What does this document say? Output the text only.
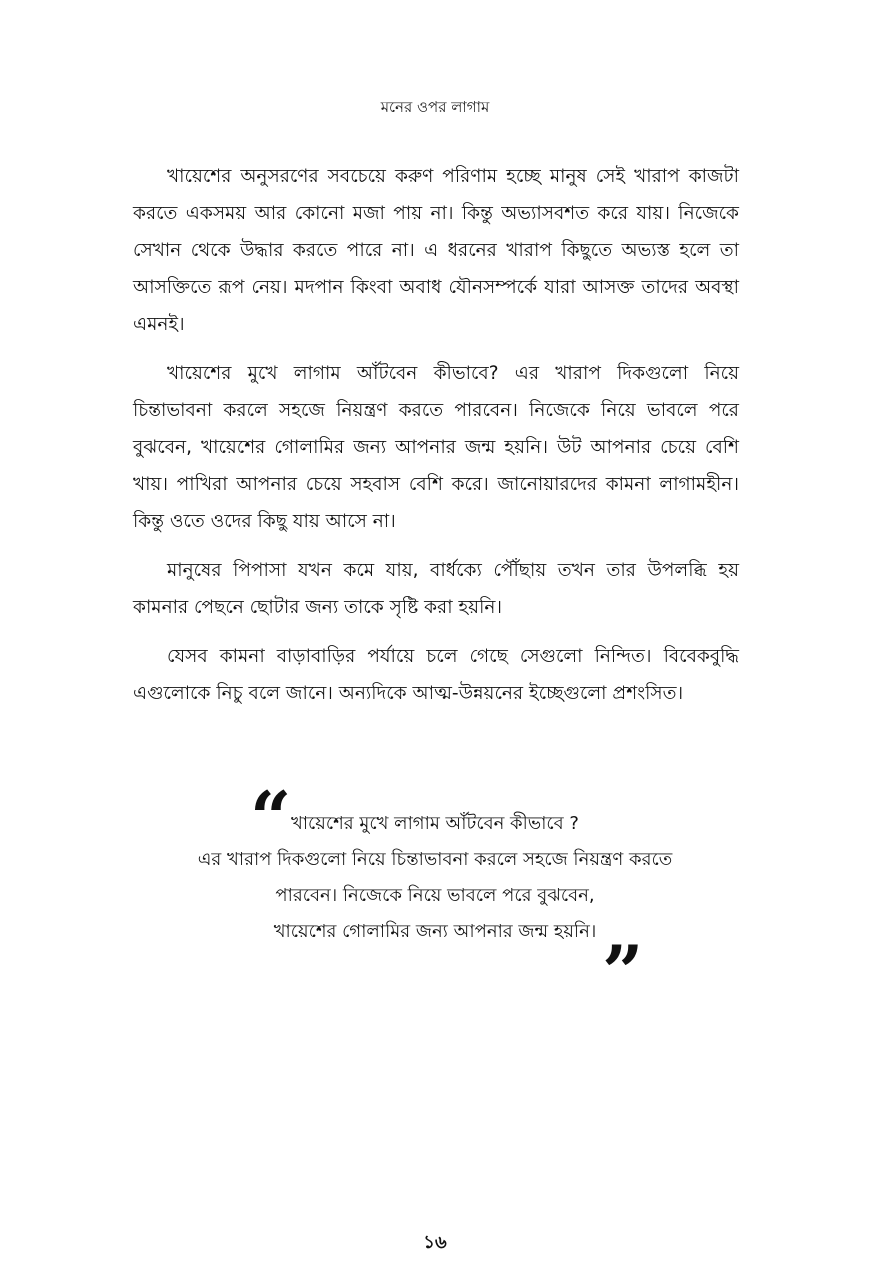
মনের ওপর লাগাম

খায়েশের অনুসরণের সবচেয়ে করুণ পরিণাম হচ্ছে মানুষ সেই খারাপ কাজটা করতে একসময় আর কোনো মজা পায় না। কিন্তু অভ্যাসবশত করে যায়। নিজেকে সেখান থেকে উদ্ধার করতে পারে না। এ ধরনের খারাপ কিছুতে অভ্যস্ত হলে তা আসক্তিতে রূপ নেয়। মদপান কিংবা অবাধ যৌনসম্পর্কে যারা আসক্ত তাদের অবস্থা এমনই।

খায়েশের মুখে লাগাম আঁটবেন কীভাবে? এর খারাপ দিকগুলো নিয়ে চিন্তাভাবনা করলে সহজে নিয়ন্ত্রণ করতে পারবেন। নিজেকে নিয়ে ভাবলে পরে বুঝবেন, খায়েশের গোলামির জন্য আপনার জন্ম হয়নি। উট আপনার চেয়ে বেশি খায়। পাখিরা আপনার চেয়ে সহবাস বেশি করে। জানোয়ারদের কামনা লাগামহীন। কিন্তু ওতে ওদের কিছু যায় আসে না।

মানুষের পিপাসা যখন কমে যায়, বার্ধক্যে পৌঁছায় তখন তার উপলব্ধি হয় কামনার পেছনে ছোটার জন্য তাকে সৃষ্টি করা হয়নি।

যেসব কামনা বাড়াবাড়ির পর্যায়ে চলে গেছে সেগুলো নিন্দিত। বিবেকবুদ্ধি এগুলোকে নিচু বলে জানে। অন্যদিকে আত্ম-উন্নয়নের ইচ্ছেগুলো প্রশংসিত।

“ খায়েশের মুখে লাগাম আঁটবেন কীভাবে ?
এর খারাপ দিকগুলো নিয়ে চিন্তাভাবনা করলে সহজে নিয়ন্ত্রণ করতে
পারবেন। নিজেকে নিয়ে ভাবলে পরে বুঝবেন,
খায়েশের গোলামির জন্য আপনার জন্ম হয়নি। ”
১৬
